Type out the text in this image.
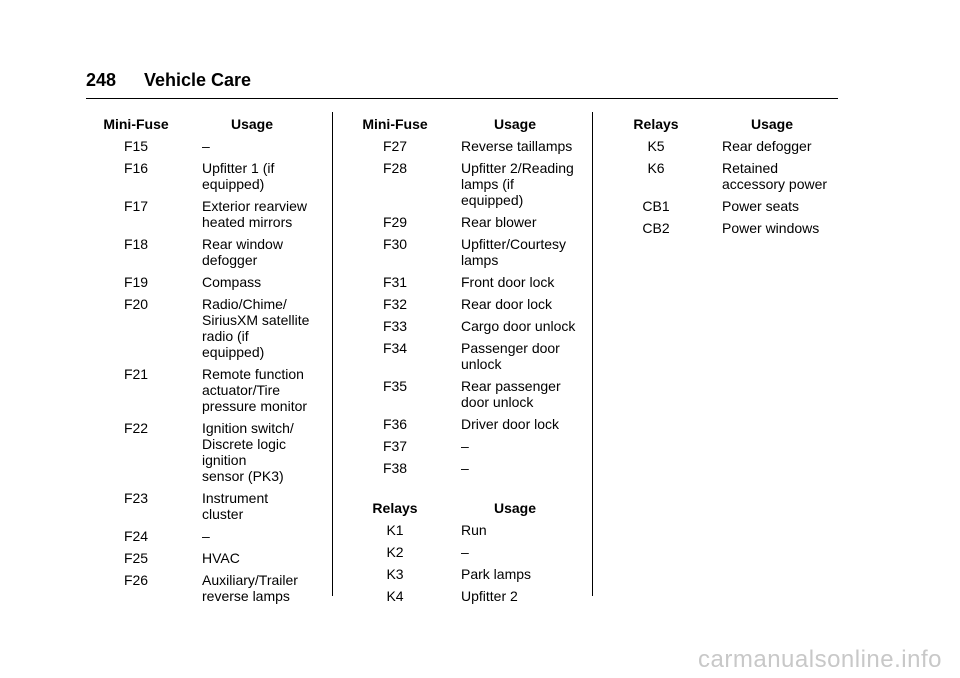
248 Vehicle Care
Mini-Fuse	Usage
F15	–
F16	Upfitter 1 (if
equipped)
F17	Exterior rearview
heated mirrors
F18	Rear window
defogger
F19	Compass
F20	Radio/Chime/
SiriusXM satellite
radio (if equipped)
F21	Remote function
actuator/Tire
pressure monitor
F22	Ignition switch/
Discrete logic
ignition
sensor (PK3)
F23	Instrument cluster
F24	–
F25	HVAC
F26	Auxiliary/Trailer
reverse lamps
Mini-Fuse	Usage
F27	Reverse taillamps
F28	Upfitter 2/Reading
lamps (if equipped)
F29	Rear blower
F30	Upfitter/Courtesy
lamps
F31	Front door lock
F32	Rear door lock
F33	Cargo door unlock
F34	Passenger door
unlock
F35	Rear passenger
door unlock
F36	Driver door lock
F37	–
F38	–
Relays	Usage
K1	Run
K2	–
K3	Park lamps
K4	Upfitter 2
Relays	Usage
K5	Rear defogger
K6	Retained
accessory power
CB1	Power seats
CB2	Power windows
carmanualsonline.info
